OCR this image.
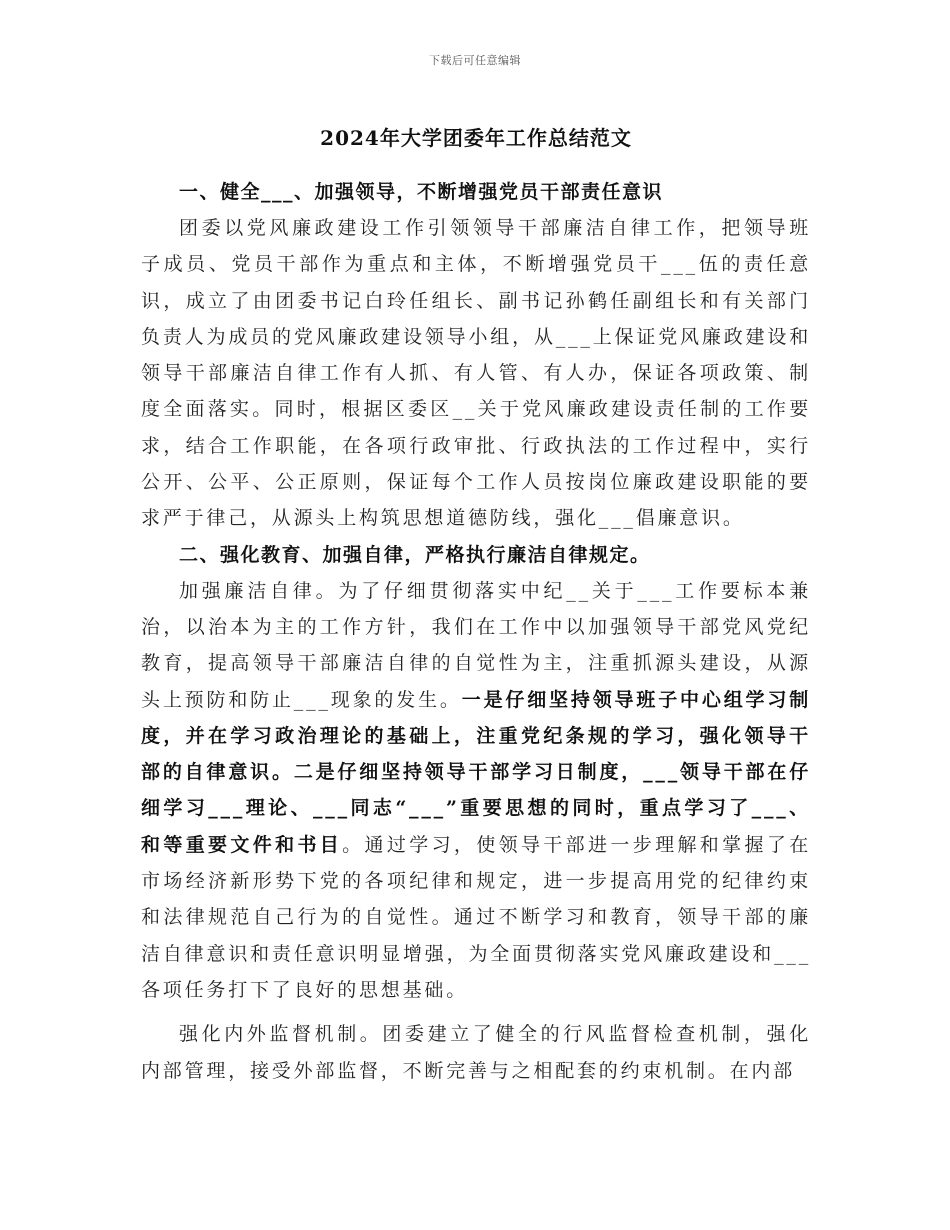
下载后可任意编辑
2024年大学团委年工作总结范文
一、健全___、加强领导，不断增强党员干部责任意识

团委以党风廉政建设工作引领领导干部廉洁自律工作，把领导班子成员、党员干部作为重点和主体，不断增强党员干___伍的责任意识，成立了由团委书记白玲任组长、副书记孙鹤任副组长和有关部门负责人为成员的党风廉政建设领导小组，从___上保证党风廉政建设和领导干部廉洁自律工作有人抓、有人管、有人办，保证各项政策、制度全面落实。同时，根据区委区__关于党风廉政建设责任制的工作要求，结合工作职能，在各项行政审批、行政执法的工作过程中，实行公开、公平、公正原则，保证每个工作人员按岗位廉政建设职能的要求严于律己，从源头上构筑思想道德防线，强化___倡廉意识。

二、强化教育、加强自律，严格执行廉洁自律规定。

加强廉洁自律。为了仔细贯彻落实中纪__关于___工作要标本兼治，以治本为主的工作方针，我们在工作中以加强领导干部党风党纪教育，提高领导干部廉洁自律的自觉性为主，注重抓源头建设，从源头上预防和防止___现象的发生。一是仔细坚持领导班子中心组学习制度，并在学习政治理论的基础上，注重党纪条规的学习，强化领导干部的自律意识。二是仔细坚持领导干部学习日制度，___领导干部在仔细学习___理论、___同志“___”重要思想的同时，重点学习了___、和等重要文件和书目。通过学习，使领导干部进一步理解和掌握了在市场经济新形势下党的各项纪律和规定，进一步提高用党的纪律约束和法律规范自己行为的自觉性。通过不断学习和教育，领导干部的廉洁自律意识和责任意识明显增强，为全面贯彻落实党风廉政建设和___各项任务打下了良好的思想基础。

强化内外监督机制。团委建立了健全的行风监督检查机制，强化内部管理，接受外部监督，不断完善与之相配套的约束机制。在内部
